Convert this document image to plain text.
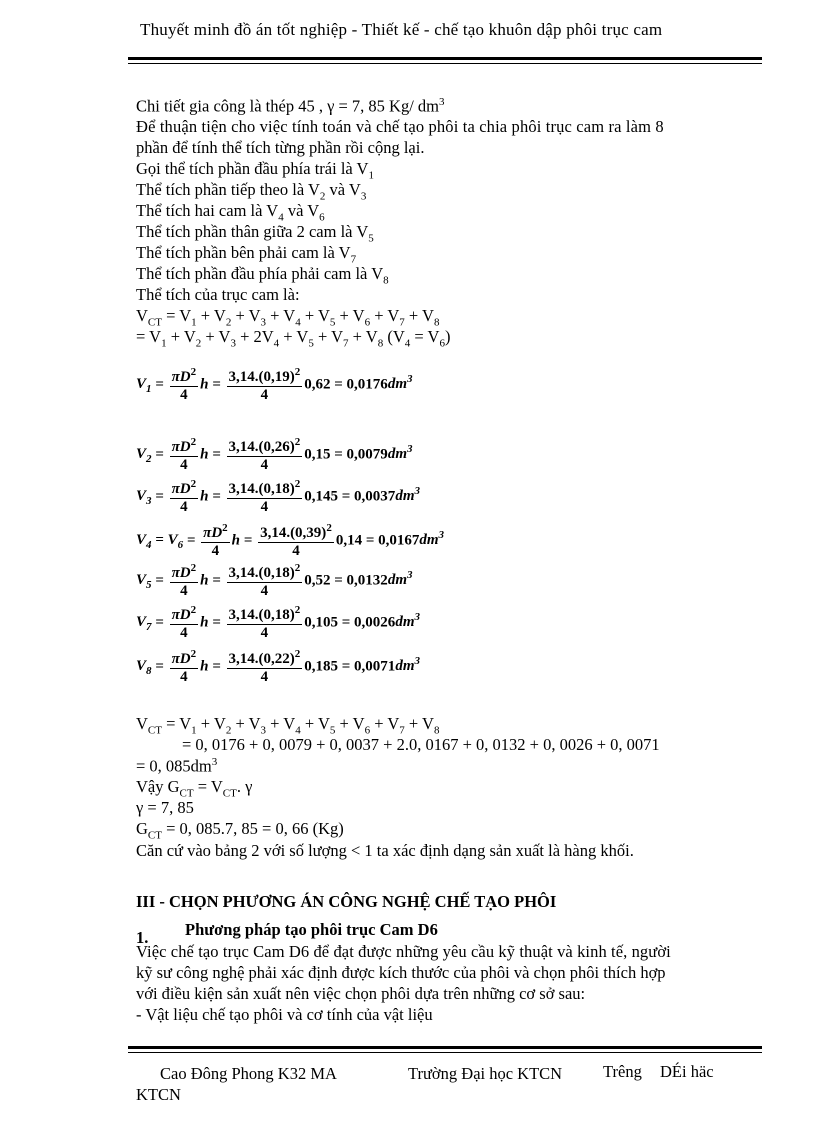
Thuyết minh đồ án tốt nghiệp - Thiết kế - chế tạo khuôn dập phôi trục cam
Chi tiết gia công là thép 45 , γ = 7, 85 Kg/ $dm^3$
Để thuận tiện cho việc tính toán và chế tạo phôi ta chia phôi trục cam ra làm 8
phần để tính thể tích từng phần rồi cộng lại.
Gọi thể tích phần đầu phía trái là $V_1$
Thể tích phần tiếp theo là $V_2$ và $V_3$
Thể tích hai cam là $V_4$ và $V_6$
Thể tích phần thân giữa 2 cam là $V_5$
Thể tích phần bên phải cam là $V_7$
Thể tích phần đầu phía phải cam là $V_8$
Thể tích của trục cam là:
$V_{CT} = V_1 + V_2 + V_3 + V_4 + V_5 + V_6 + V_7 + V_8$
= $V_1 + V_2 + V_3 + 2V_4 + V_5 + V_7 + V_8$ $(V_4 = V_6)$
$V_1 = \frac{\pi D^2}{4}$ $h = \frac{3,14.(0,19)^2}{4} 0,62 = 0,0176dm^3$
$V_2 = \frac{\pi D^2}{4}$ $h = \frac{3,14.(0,26)^2}{4} 0,15 = 0,0079dm^3$
$V_3 = \frac{\pi D^2}{4}$ $h = \frac{3,14.(0,18)^2}{4} 0,145 = 0,0037dm^3$
$V_4 = V_6 = \frac{\pi D^2}{4}$ $h = \frac{3,14.(0,39)^2}{4} 0,14 = 0,0167dm^3$
$V_5 = \frac{\pi D^2}{4}$ $h = \frac{3,14.(0,18)^2}{4} 0,52 = 0,0132dm^3$
$V_7 = \frac{\pi D^2}{4}$ $h = \frac{3,14.(0,18)^2}{4} 0,105 = 0,0026dm^3$
$V_8 = \frac{\pi D^2}{4}$ $h = \frac{3,14.(0,22)^2}{4} 0,185 = 0,0071dm^3$
$V_{CT} = V_1 + V_2 + V_3 + V_4 + V_5 + V_6 + V_7 + V_8$
= 0, 0176 + 0, 0079 + 0, 0037 + 2.0, 0167 + 0, 0132 + 0, 0026 + 0, 0071
= 0, $085dm^3$
Vậy $G_{CT} = V_{CT}$. γ
γ = 7, 85
$G_{CT} = 0$, 085.7, 85 = 0, 66 (Kg)
Căn cứ vào bảng 2 với số lượng < 1 ta xác định dạng sản xuất là hàng khối.
III - CHỌN PHƯƠNG ÁN CÔNG NGHỆ CHẾ TẠO PHÔI
1. Phương pháp tạo phôi trục Cam D6
Việc chế tạo trục Cam D6 để đạt được những yêu cầu kỹ thuật và kinh tế, người
kỹ sư công nghệ phải xác định được kích thước của phôi và chọn phôi thích hợp
với điều kiện sản xuất nên việc chọn phôi dựa trên những cơ sở sau:
- Vật liệu chế tạo phôi và cơ tính của vật liệu
Cao Đông Phong K32 MA	Trường Đại học KTCN Trêng DÉi häc
KTCN
